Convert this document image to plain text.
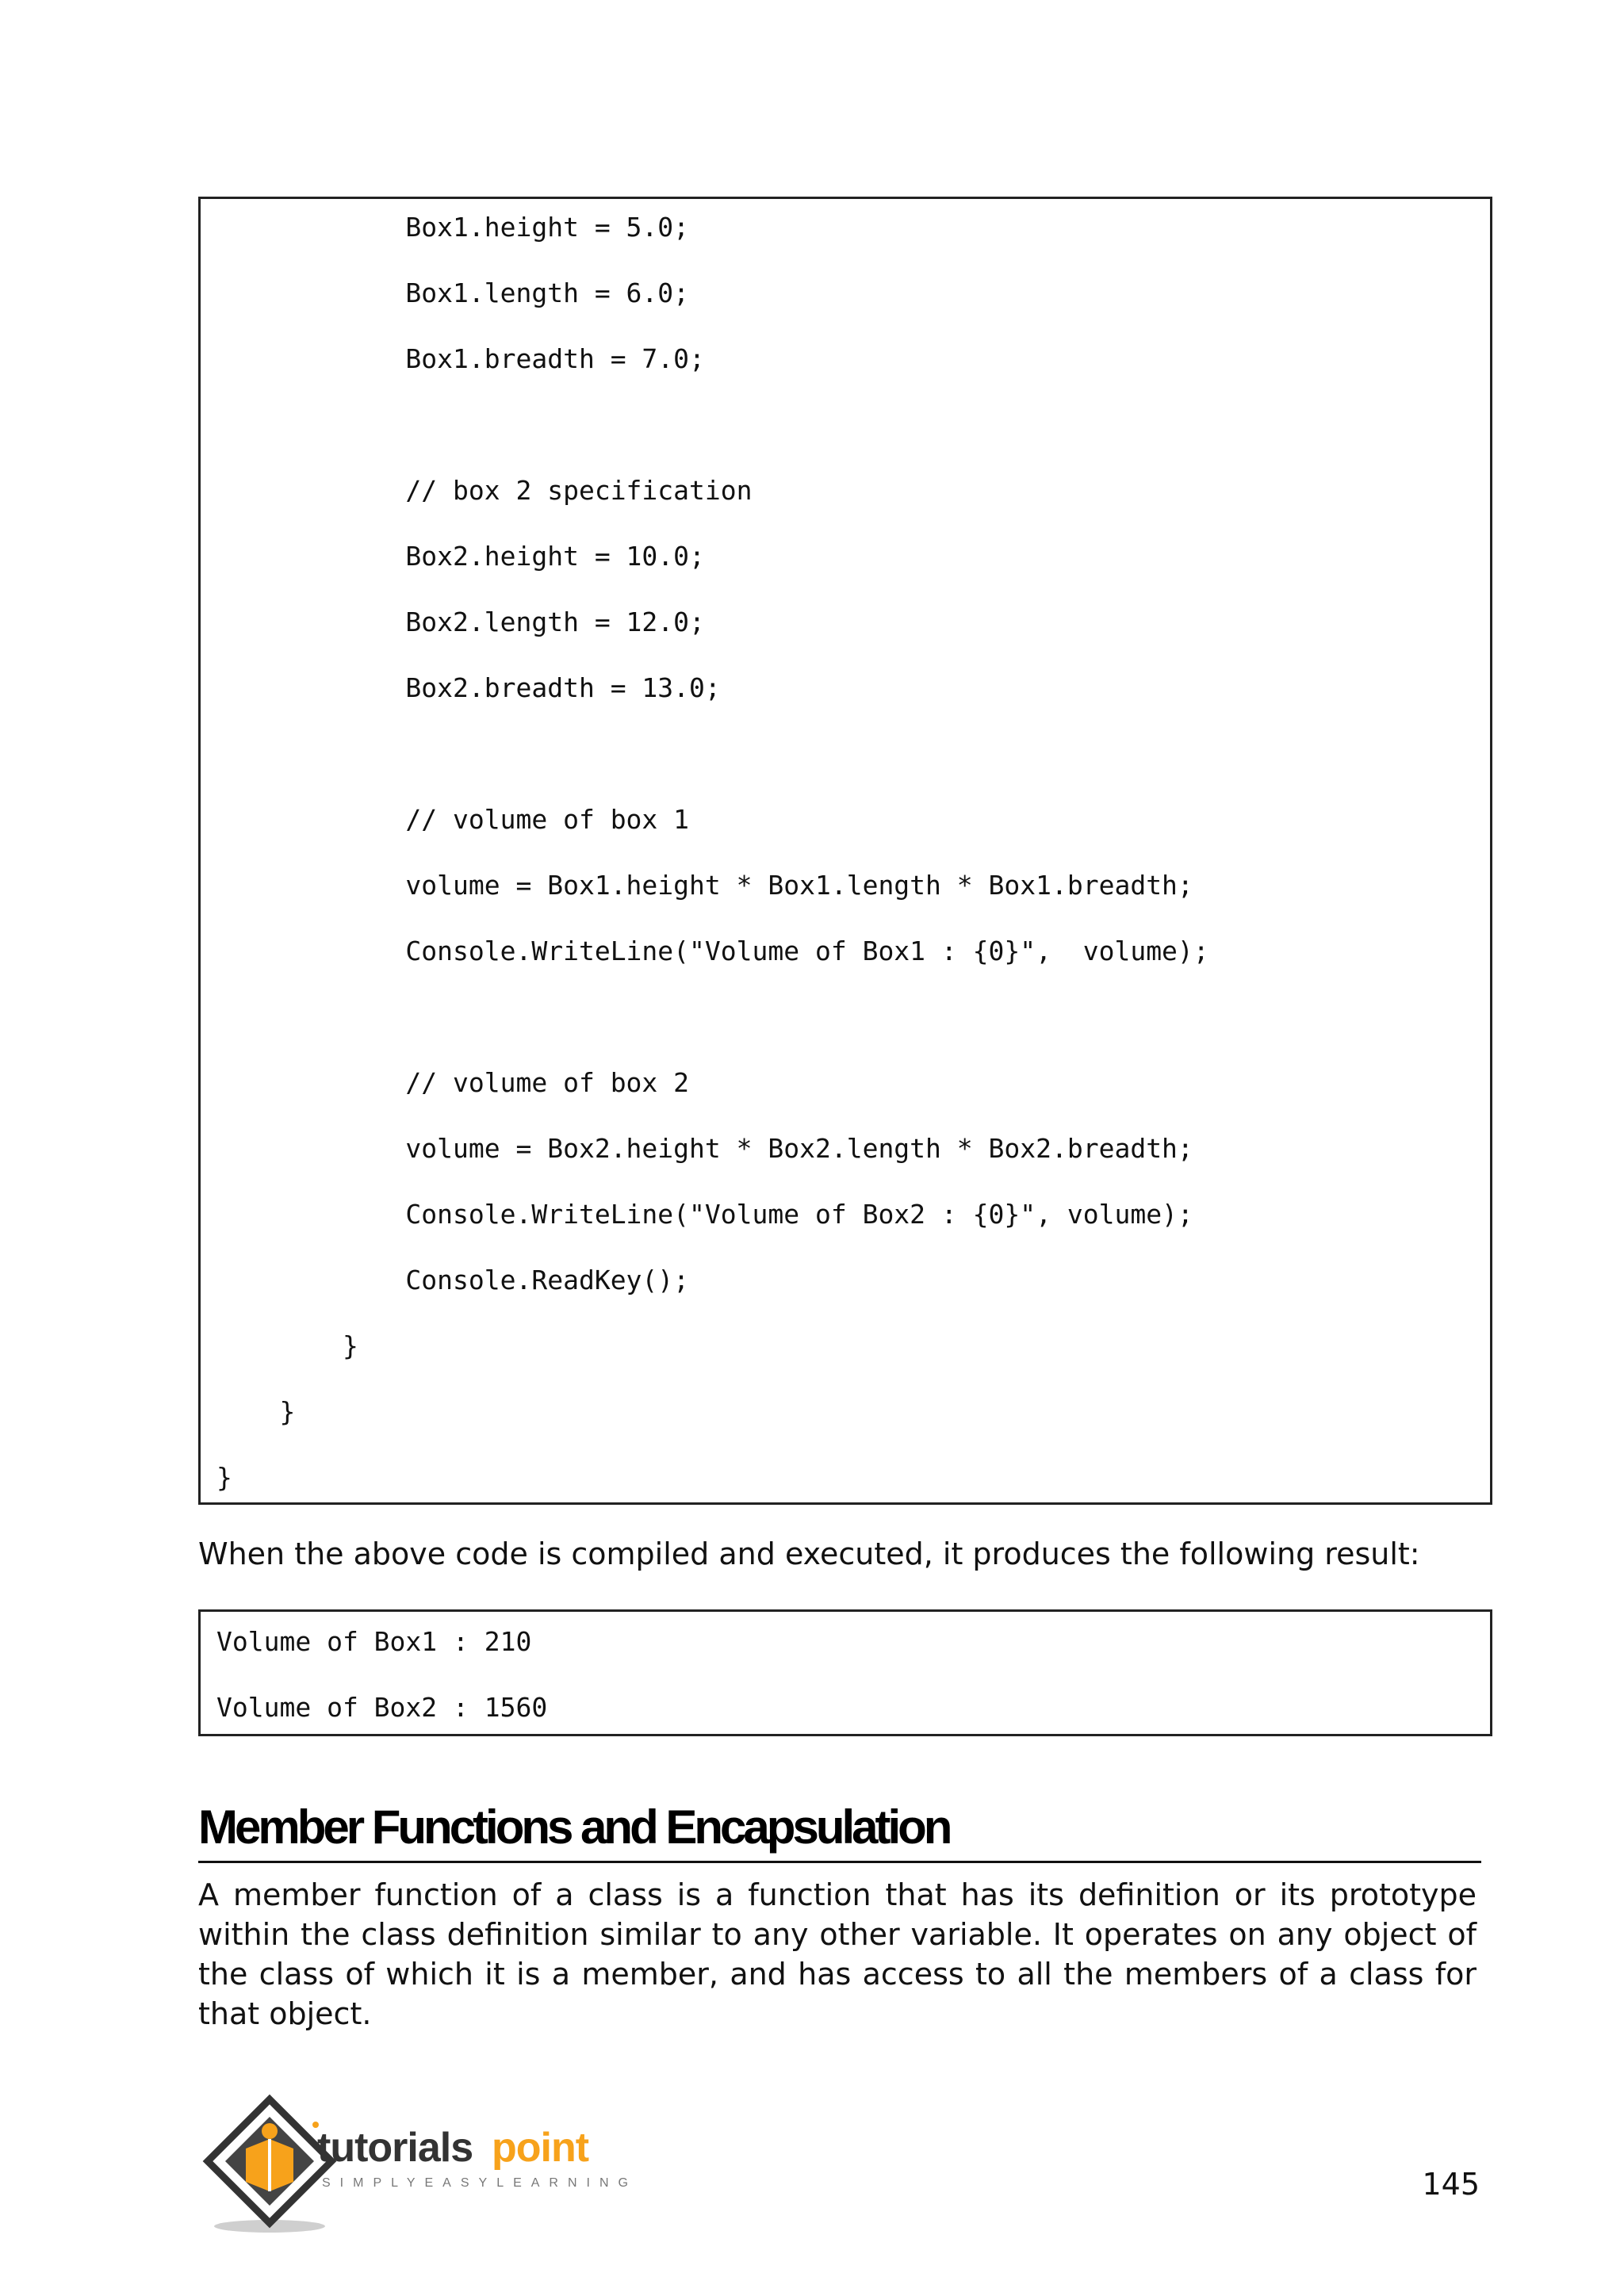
Box1.height = 5.0;
Box1.length = 6.0;
Box1.breadth = 7.0;
// box 2 specification
Box2.height = 10.0;
Box2.length = 12.0;
Box2.breadth = 13.0;
// volume of box 1
volume = Box1.height * Box1.length * Box1.breadth;
Console.WriteLine("Volume of Box1 : {0}",  volume);
// volume of box 2
volume = Box2.height * Box2.length * Box2.breadth;
Console.WriteLine("Volume of Box2 : {0}", volume);
Console.ReadKey();
}
}
}
When the above code is compiled and executed, it produces the following result:
Volume of Box1 : 210
Volume of Box2 : 1560
Member Functions and Encapsulation
A member function of a class is a function that has its definition or its prototype within the class definition similar to any other variable. It operates on any object of the class of which it is a member, and has access to all the members of a class for that object.
tutorials point
SIMPLYEASYLEARNING	145
